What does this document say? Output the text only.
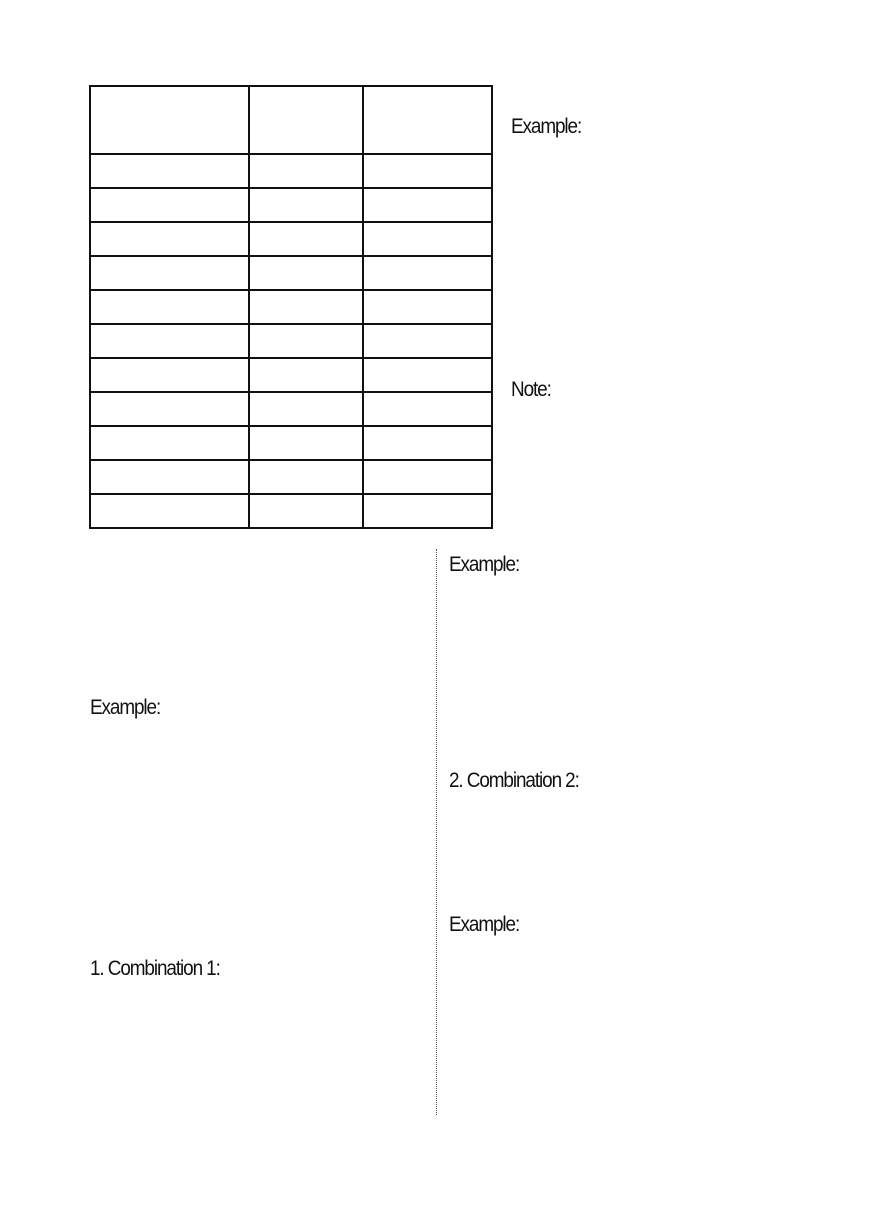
Example:
Note:
Example:
Example:
2. Combination 2:
Example:
1. Combination 1:
